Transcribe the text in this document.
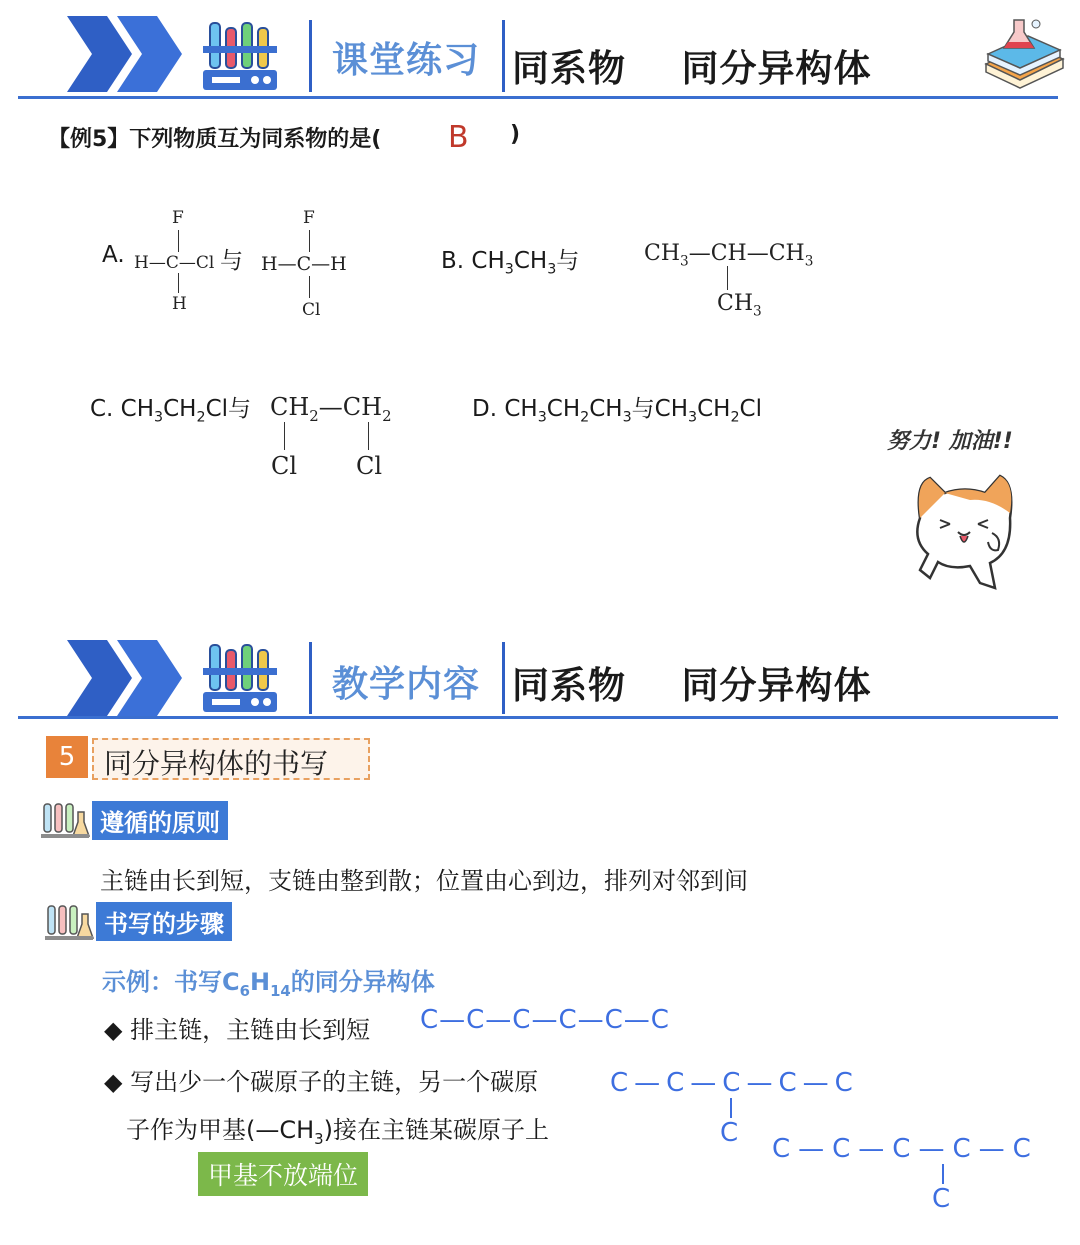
课堂练习 同系物    同分异构体
【例5】下列物质互为同系物的是( B )
A.
F
H—C—Cl
H
与
F
H—C—H
Cl
B. $CH_3CH_3$与	$CH_3—CH—CH_3$
$CH_3$
C. $CH_3CH_2Cl$与 $CH_2—CH_2$
Cl Cl
D. $CH_3CH_2CH_3$与$CH_3CH_2Cl$
努力! 加油!!
教学内容 同系物    同分异构体
5	同分异构体的书写
遵循的原则
主链由长到短，支链由整到散；位置由心到边，排列对邻到间
书写的步骤
示例：书写$C_6H_{14}$的同分异构体
◆ 排主链，主链由长到短 C—C—C—C—C—C
◆ 写出少一个碳原子的主链，另一个碳原
子作为甲基$(—CH_3)$接在主链某碳原子上
甲基不放端位
C—C—C—C—C
C
C—C—C—C—C
C
